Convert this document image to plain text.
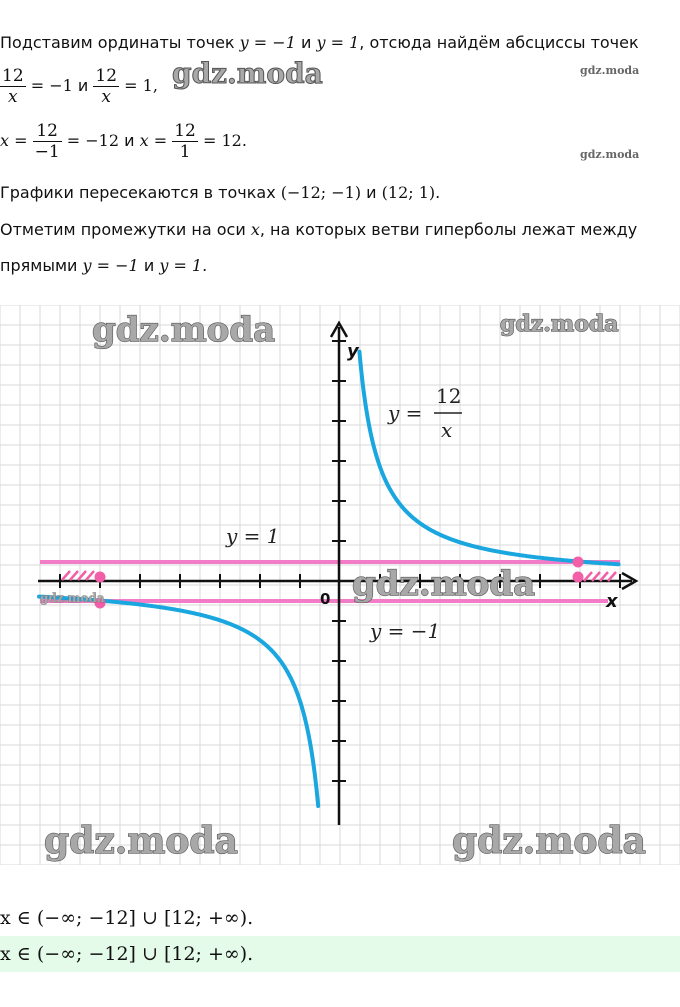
Подставим ординаты точек y = −1 и y = 1, отсюда найдём абсциссы точек
$\frac{12}{x} = -1$ и $\frac{12}{x} = 1$,
$x = \frac{12}{-1} = -12$ и $x = \frac{12}{1} = 12$.
Графики пересекаются в точках (−12; −1) и (12; 1).
Отметим промежутки на оси x, на которых ветви гиперболы лежат между
прямыми y = −1 и y = 1.
gdz.moda	gdz.moda
gdz.moda
y
x
0
y =
12
x
y = 1
y = −1
gdz.moda	gdz.moda
gdz.moda
gdz.moda
gdz.moda	gdz.moda
x ∈ (−∞; −12] ∪ [12; +∞).
x ∈ (−∞; −12] ∪ [12; +∞).
